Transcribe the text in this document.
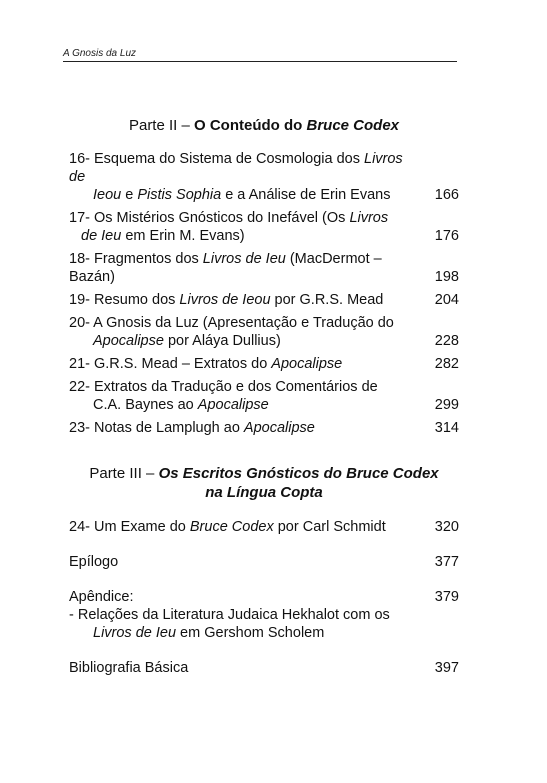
A Gnosis da Luz
Parte II – O Conteúdo do Bruce Codex
16- Esquema do Sistema de Cosmologia dos Livros de
Ieou e Pistis Sophia e a Análise de Erin Evans	166
17- Os Mistérios Gnósticos do Inefável (Os Livros
de Ieu em Erin M. Evans)	176
18- Fragmentos dos Livros de Ieu (MacDermot – Bazán)	198
19- Resumo dos Livros de Ieou por G.R.S. Mead	204
20- A Gnosis da Luz (Apresentação e Tradução do
Apocalipse por Aláya Dullius)	228
21- G.R.S. Mead – Extratos do Apocalipse	282
22- Extratos da Tradução e dos Comentários de
C.A. Baynes ao Apocalipse	299
23- Notas de Lamplugh ao Apocalipse	314
Parte III – Os Escritos Gnósticos do Bruce Codex
na Língua Copta
24- Um Exame do Bruce Codex por Carl Schmidt	320
Epílogo	377
Apêndice:	379
- Relações da Literatura Judaica Hekhalot com os
Livros de Ieu em Gershom Scholem
Bibliografia Básica	397
